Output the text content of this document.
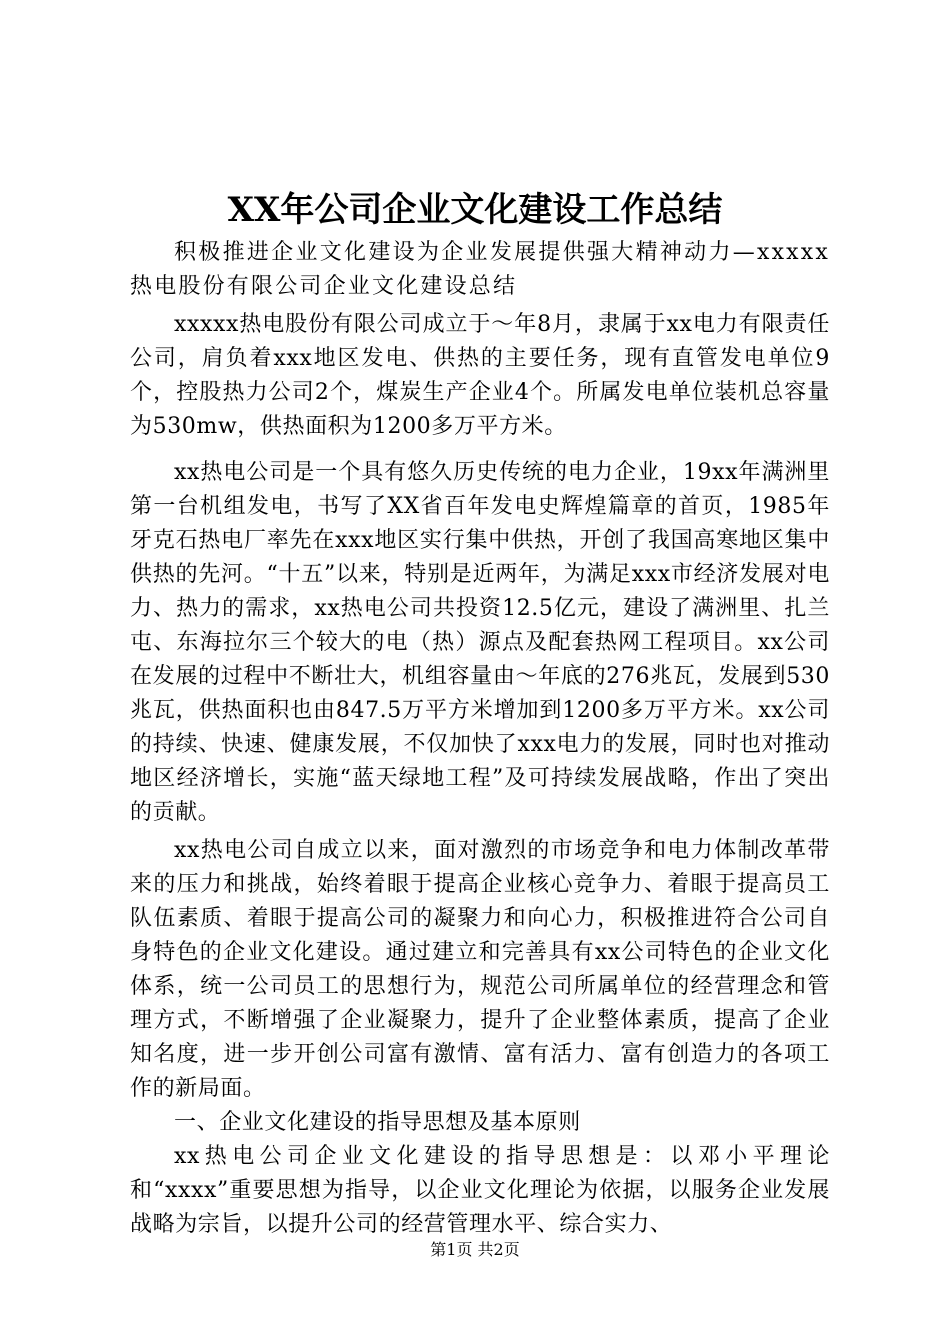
XX年公司企业文化建设工作总结

积极推进企业文化建设为企业发展提供强大精神动力—xxxxx热电股份有限公司企业文化建设总结

xxxxx热电股份有限公司成立于～年8月，隶属于xx电力有限责任公司，肩负着xxx地区发电、供热的主要任务，现有直管发电单位9个，控股热力公司2个，煤炭生产企业4个。所属发电单位装机总容量为530mw，供热面积为1200多万平方米。

xx热电公司是一个具有悠久历史传统的电力企业，19xx年满洲里第一台机组发电，书写了XX省百年发电史辉煌篇章的首页，1985年牙克石热电厂率先在xxx地区实行集中供热，开创了我国高寒地区集中供热的先河。“十五”以来，特别是近两年，为满足xxx市经济发展对电力、热力的需求，xx热电公司共投资12.5亿元，建设了满洲里、扎兰屯、东海拉尔三个较大的电（热）源点及配套热网工程项目。xx公司在发展的过程中不断壮大，机组容量由～年底的276兆瓦，发展到530兆瓦，供热面积也由847.5万平方米增加到1200多万平方米。xx公司的持续、快速、健康发展，不仅加快了xxx电力的发展，同时也对推动地区经济增长，实施“蓝天绿地工程”及可持续发展战略，作出了突出的贡献。

xx热电公司自成立以来，面对激烈的市场竞争和电力体制改革带来的压力和挑战，始终着眼于提高企业核心竞争力、着眼于提高员工队伍素质、着眼于提高公司的凝聚力和向心力，积极推进符合公司自身特色的企业文化建设。通过建立和完善具有xx公司特色的企业文化体系，统一公司员工的思想行为，规范公司所属单位的经营理念和管理方式，不断增强了企业凝聚力，提升了企业整体素质，提高了企业知名度，进一步开创公司富有激情、富有活力、富有创造力的各项工作的新局面。

一、企业文化建设的指导思想及基本原则

xx热电公司企业文化建设的指导思想是：以邓小平理论和“xxxx”重要思想为指导，以企业文化理论为依据，以服务企业发展战略为宗旨，以提升公司的经营管理水平、综合实力、

第1页 共2页
